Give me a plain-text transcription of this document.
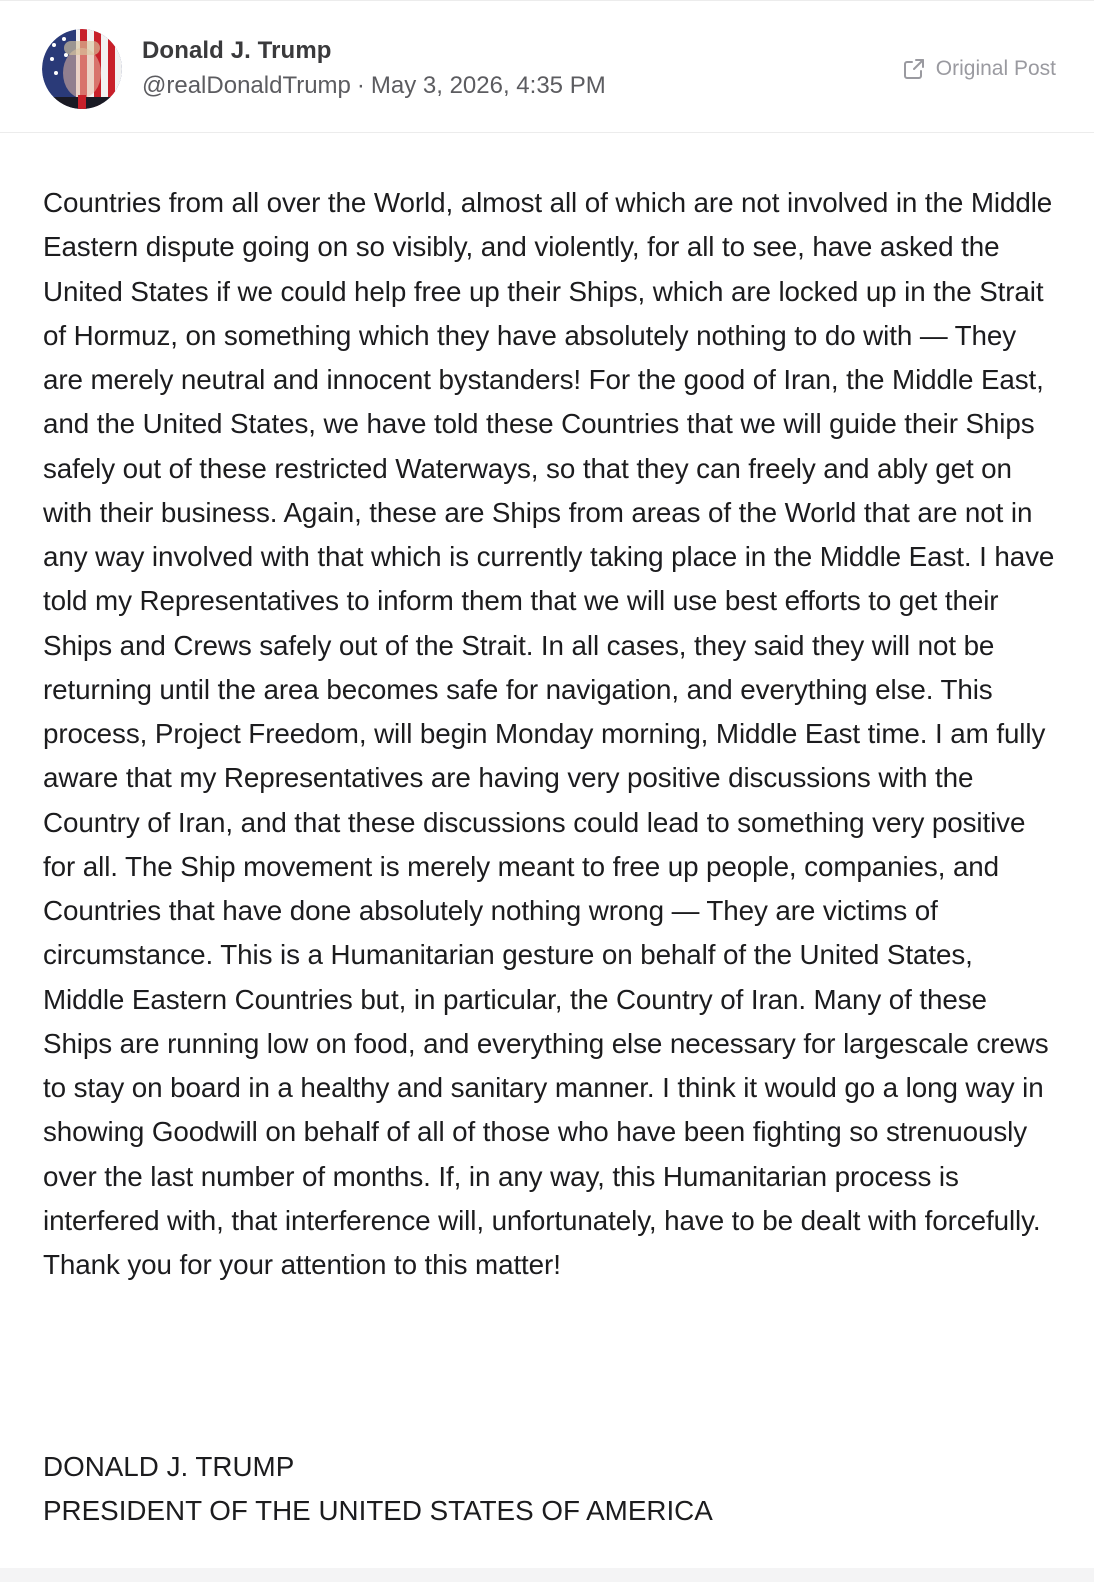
Donald J. Trump
@realDonaldTrump · May 3, 2026, 4:35 PM
Original Post

Countries from all over the World, almost all of which are not involved in the Middle Eastern dispute going on so visibly, and violently, for all to see, have asked the United States if we could help free up their Ships, which are locked up in the Strait of Hormuz, on something which they have absolutely nothing to do with — They are merely neutral and innocent bystanders! For the good of Iran, the Middle East, and the United States, we have told these Countries that we will guide their Ships safely out of these restricted Waterways, so that they can freely and ably get on with their business. Again, these are Ships from areas of the World that are not in any way involved with that which is currently taking place in the Middle East. I have told my Representatives to inform them that we will use best efforts to get their Ships and Crews safely out of the Strait. In all cases, they said they will not be returning until the area becomes safe for navigation, and everything else. This process, Project Freedom, will begin Monday morning, Middle East time. I am fully aware that my Representatives are having very positive discussions with the Country of Iran, and that these discussions could lead to something very positive for all. The Ship movement is merely meant to free up people, companies, and Countries that have done absolutely nothing wrong — They are victims of circumstance. This is a Humanitarian gesture on behalf of the United States, Middle Eastern Countries but, in particular, the Country of Iran. Many of these Ships are running low on food, and everything else necessary for largescale crews to stay on board in a healthy and sanitary manner. I think it would go a long way in showing Goodwill on behalf of all of those who have been fighting so strenuously over the last number of months. If, in any way, this Humanitarian process is interfered with, that interference will, unfortunately, have to be dealt with forcefully. Thank you for your attention to this matter!

DONALD J. TRUMP
PRESIDENT OF THE UNITED STATES OF AMERICA
